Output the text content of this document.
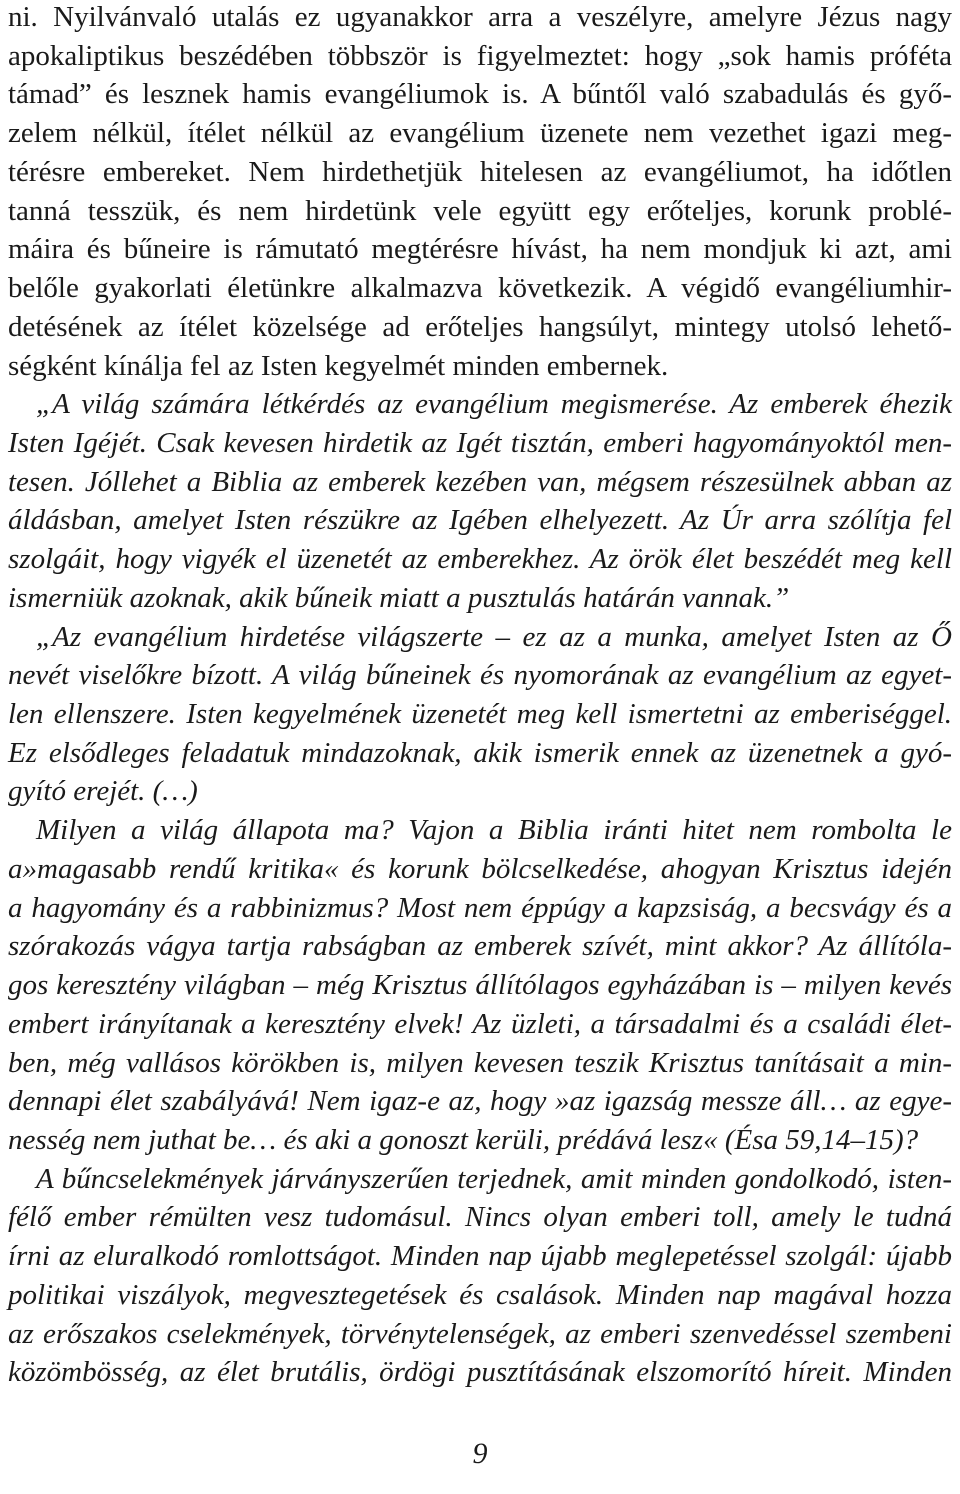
ni. Nyilvánvaló utalás ez ugyanakkor arra a veszélyre, amelyre Jézus nagy
apokaliptikus beszédében többször is figyelmeztet: hogy „sok hamis próféta
támad” és lesznek hamis evangéliumok is. A bűntől való szabadulás és győ-
zelem nélkül, ítélet nélkül az evangélium üzenete nem vezethet igazi meg-
térésre embereket. Nem hirdethetjük hitelesen az evangéliumot, ha időtlen
tanná tesszük, és nem hirdetünk vele együtt egy erőteljes, korunk problé-
máira és bűneire is rámutató megtérésre hívást, ha nem mondjuk ki azt, ami
belőle gyakorlati életünkre alkalmazva következik. A végidő evangéliumhir-
detésének az ítélet közelsége ad erőteljes hangsúlyt, mintegy utolsó lehető-
ségként kínálja fel az Isten kegyelmét minden embernek.
„A világ számára létkérdés az evangélium megismerése. Az emberek éhezik
Isten Igéjét. Csak kevesen hirdetik az Igét tisztán, emberi hagyományoktól men-
tesen. Jóllehet a Biblia az emberek kezében van, mégsem részesülnek abban az
áldásban, amelyet Isten részükre az Igében elhelyezett. Az Úr arra szólítja fel
szolgáit, hogy vigyék el üzenetét az emberekhez. Az örök élet beszédét meg kell
ismerniük azoknak, akik bűneik miatt a pusztulás határán vannak.”
„Az evangélium hirdetése világszerte – ez az a munka, amelyet Isten az Ő
nevét viselőkre bízott. A világ bűneinek és nyomorának az evangélium az egyet-
len ellenszere. Isten kegyelmének üzenetét meg kell ismertetni az emberiséggel.
Ez elsődleges feladatuk mindazoknak, akik ismerik ennek az üzenetnek a gyó-
gyító erejét. (…)
Milyen a világ állapota ma? Vajon a Biblia iránti hitet nem rombolta le
a»magasabb rendű kritika« és korunk bölcselkedése, ahogyan Krisztus idején
a hagyomány és a rabbinizmus? Most nem éppúgy a kapzsiság, a becsvágy és a
szórakozás vágya tartja rabságban az emberek szívét, mint akkor? Az állítóla-
gos keresztény világban – még Krisztus állítólagos egyházában is – milyen kevés
embert irányítanak a keresztény elvek! Az üzleti, a társadalmi és a családi élet-
ben, még vallásos körökben is, milyen kevesen teszik Krisztus tanításait a min-
dennapi élet szabályává! Nem igaz-e az, hogy »az igazság messze áll… az egye-
nesség nem juthat be… és aki a gonoszt kerüli, prédává lesz« (Ésa 59,14–15)?
A bűncselekmények járványszerűen terjednek, amit minden gondolkodó, isten-
félő ember rémülten vesz tudomásul. Nincs olyan emberi toll, amely le tudná
írni az eluralkodó romlottságot. Minden nap újabb meglepetéssel szolgál: újabb
politikai viszályok, megvesztegetések és csalások. Minden nap magával hozza
az erőszakos cselekmények, törvénytelenségek, az emberi szenvedéssel szembeni
közömbösség, az élet brutális, ördögi pusztításának elszomorító híreit. Minden
9
